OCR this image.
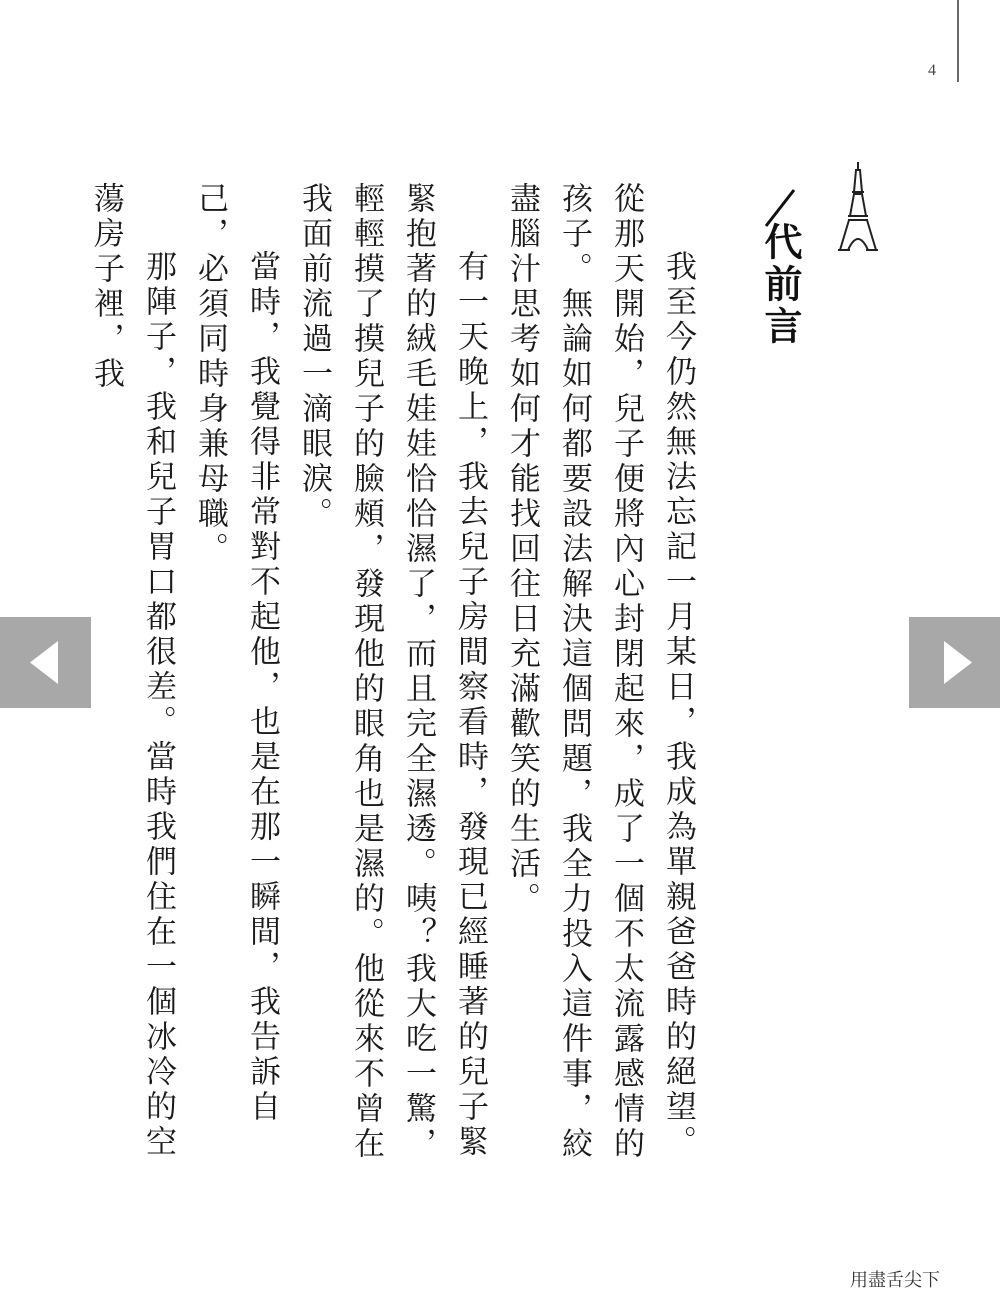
4
代前言

我至今仍然無法忘記一月某日，我成為單親爸爸時的絕望。從那天開始，兒子便將內心封閉起來，成了一個不太流露感情的孩子。無論如何都要設法解決這個問題，我全力投入這件事，絞盡腦汁思考如何才能找回往日充滿歡笑的生活。

有一天晚上，我去兒子房間察看時，發現已經睡著的兒子緊緊抱著的絨毛娃娃恰恰濕了，而且完全濕透。咦？我大吃一驚，輕輕摸了摸兒子的臉頰，發現他的眼角也是濕的。他從來不曾在我面前流過一滴眼淚。

當時，我覺得非常對不起他，也是在那一瞬間，我告訴自己，必須同時身兼母職。

那陣子，我和兒子胃口都很差。當時我們住在一個冰冷的空蕩房子裡，我

用盡舌尖下
